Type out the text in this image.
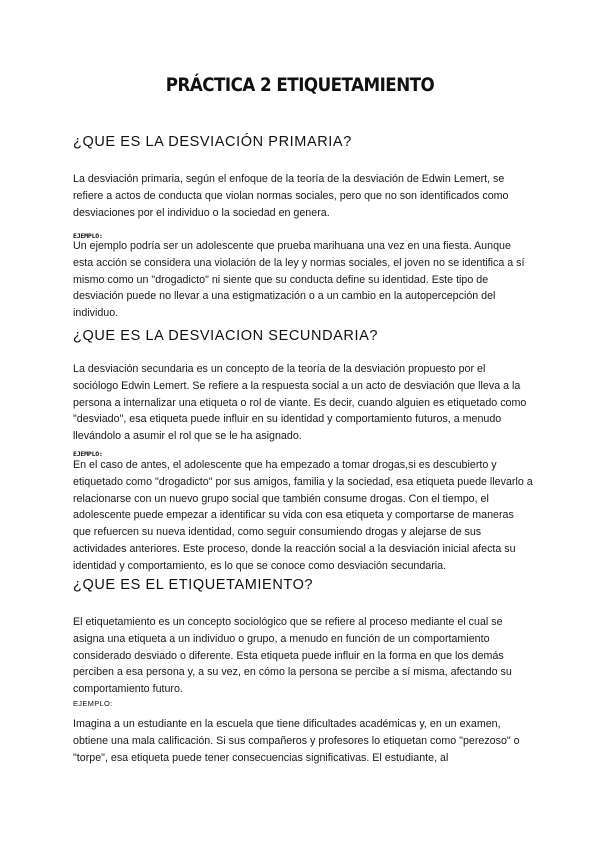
PRÁCTICA 2 ETIQUETAMIENTO
¿QUE ES LA DESVIACIÓN PRIMARIA?

La desviación primaria, según el enfoque de la teoría de la desviación de Edwin Lemert, se refiere a actos de conducta que violan normas sociales, pero que no son identificados como desviaciones por el individuo o la sociedad en genera.

EJEMPLO:

Un ejemplo podría ser un adolescente que prueba marihuana una vez en una fiesta. Aunque esta acción se considera una violación de la ley y normas sociales, el joven no se identifica a sí mismo como un "drogadicto" ni siente que su conducta define su identidad. Este tipo de desviación puede no llevar a una estigmatización o a un cambio en la autopercepción del individuo.

¿QUE ES LA DESVIACION SECUNDARIA?

La desviación secundaria es un concepto de la teoría de la desviación propuesto por el sociólogo Edwin Lemert. Se refiere a la respuesta social a un acto de desviación que lleva a la persona a internalizar una etiqueta o rol de viante. Es decir, cuando alguien es etiquetado como "desviado", esa etiqueta puede influir en su identidad y comportamiento futuros, a menudo llevándolo a asumir el rol que se le ha asignado.

EJEMPLO:

En el caso de antes, el adolescente que ha empezado a tomar drogas,si es descubierto y etiquetado como "drogadicto" por sus amigos, familia y la sociedad, esa etiqueta puede llevarlo a relacionarse con un nuevo grupo social que también consume drogas. Con el tiempo, el adolescente puede empezar a identificar su vida con esa etiqueta y comportarse de maneras que refuercen su nueva identidad, como seguir consumiendo drogas y alejarse de sus actividades anteriores. Este proceso, donde la reacción social a la desviación inicial afecta su identidad y comportamiento, es lo que se conoce como desviación secundaria.

¿QUE ES EL ETIQUETAMIENTO?

El etiquetamiento es un concepto sociológico que se refiere al proceso mediante el cual se asigna una etiqueta a un individuo o grupo, a menudo en función de un comportamiento considerado desviado o diferente. Esta etiqueta puede influir en la forma en que los demás perciben a esa persona y, a su vez, en cómo la persona se percibe a sí misma, afectando su comportamiento futuro.

EJEMPLO:

Imagina a un estudiante en la escuela que tiene dificultades académicas y, en un examen, obtiene una mala calificación. Si sus compañeros y profesores lo etiquetan como "perezoso" o "torpe", esa etiqueta puede tener consecuencias significativas. El estudiante, al
